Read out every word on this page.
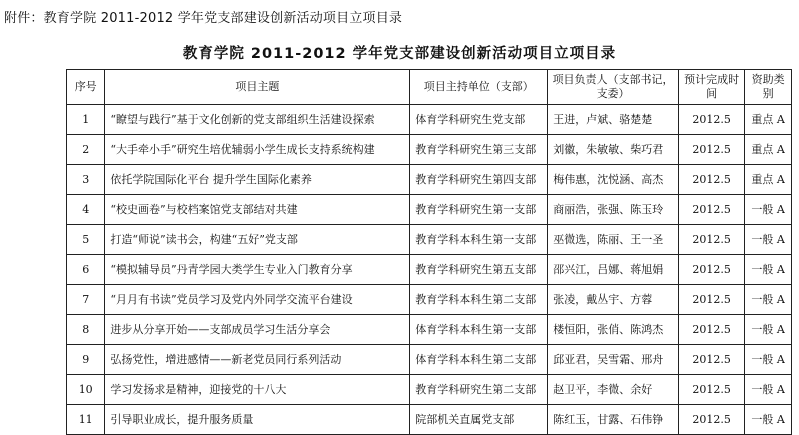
附件：教育学院 2011-2012 学年党支部建设创新活动项目立项目录
教育学院 2011-2012 学年党支部建设创新活动项目立项目录
序号	项目主题	项目主持单位（支部）	项目负责人（支部书记，支委）	预计完成时间	资助类别
1	“瞭望与践行”基于文化创新的党支部组织生活建设探索	体育学科研究生党支部	王进，卢斌、骆楚楚	2012.5	重点 A
2	“大手牵小手”研究生培优辅弱小学生成长支持系统构建	教育学科研究生第三支部	刘徽，朱敏敏、柴巧君	2012.5	重点 A
3	依托学院国际化平台 提升学生国际化素养	教育学科研究生第四支部	梅伟惠，沈悦涵、高杰	2012.5	重点 A
4	“校史画卷”与校档案馆党支部结对共建	教育学科研究生第一支部	商丽浩，张强、陈玉玲	2012.5	一般 A
5	打造“师说”读书会，构建“五好”党支部	教育学科本科生第一支部	巫微选，陈丽、王一圣	2012.5	一般 A
6	“模拟辅导员”丹青学园大类学生专业入门教育分享	教育学科研究生第五支部	邵兴江，吕娜、蒋旭娟	2012.5	一般 A
7	“月月有书读”党员学习及党内外同学交流平台建设	教育学科本科生第二支部	张凌，戴丛宇、方蓉	2012.5	一般 A
8	进步从分享开始——支部成员学习生活分享会	体育学科本科生第一支部	楼恒阳，张俏、陈鸿杰	2012.5	一般 A
9	弘扬党性，增进感情——新老党员同行系列活动	体育学科本科生第二支部	邱亚君，吴雪霜、邢舟	2012.5	一般 A
10	学习发扬求是精神，迎接党的十八大	教育学科研究生第二支部	赵卫平，李微、余好	2012.5	一般 A
11	引导职业成长，提升服务质量	院部机关直属党支部	陈红玉，甘露、石伟铮	2012.5	一般 A
